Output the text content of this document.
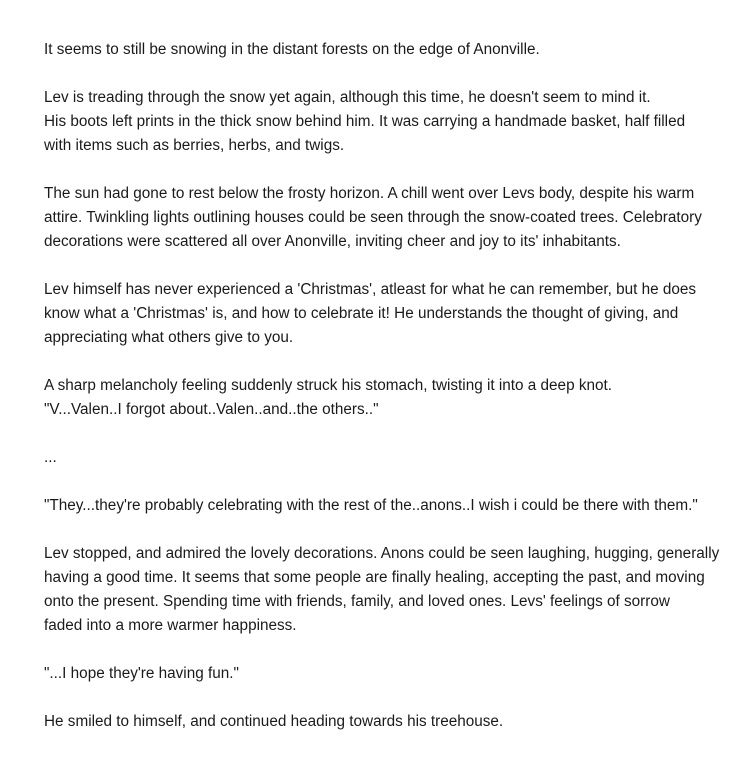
It seems to still be snowing in the distant forests on the edge of Anonville.

Lev is treading through the snow yet again, although this time, he doesn't seem to mind it.
His boots left prints in the thick snow behind him. It was carrying a handmade basket, half filled
with items such as berries, herbs, and twigs.

The sun had gone to rest below the frosty horizon. A chill went over Levs body, despite his warm
attire. Twinkling lights outlining houses could be seen through the snow-coated trees. Celebratory
decorations were scattered all over Anonville, inviting cheer and joy to its' inhabitants.

Lev himself has never experienced a 'Christmas', atleast for what he can remember, but he does
know what a 'Christmas' is, and how to celebrate it! He understands the thought of giving, and
appreciating what others give to you.

A sharp melancholy feeling suddenly struck his stomach, twisting it into a deep knot.
"V...Valen..I forgot about..Valen..and..the others.."

...

"They...they're probably celebrating with the rest of the..anons..I wish i could be there with them."

Lev stopped, and admired the lovely decorations. Anons could be seen laughing, hugging, generally
having a good time. It seems that some people are finally healing, accepting the past, and moving
onto the present. Spending time with friends, family, and loved ones. Levs' feelings of sorrow
faded into a more warmer happiness.

"...I hope they're having fun."

He smiled to himself, and continued heading towards his treehouse.
